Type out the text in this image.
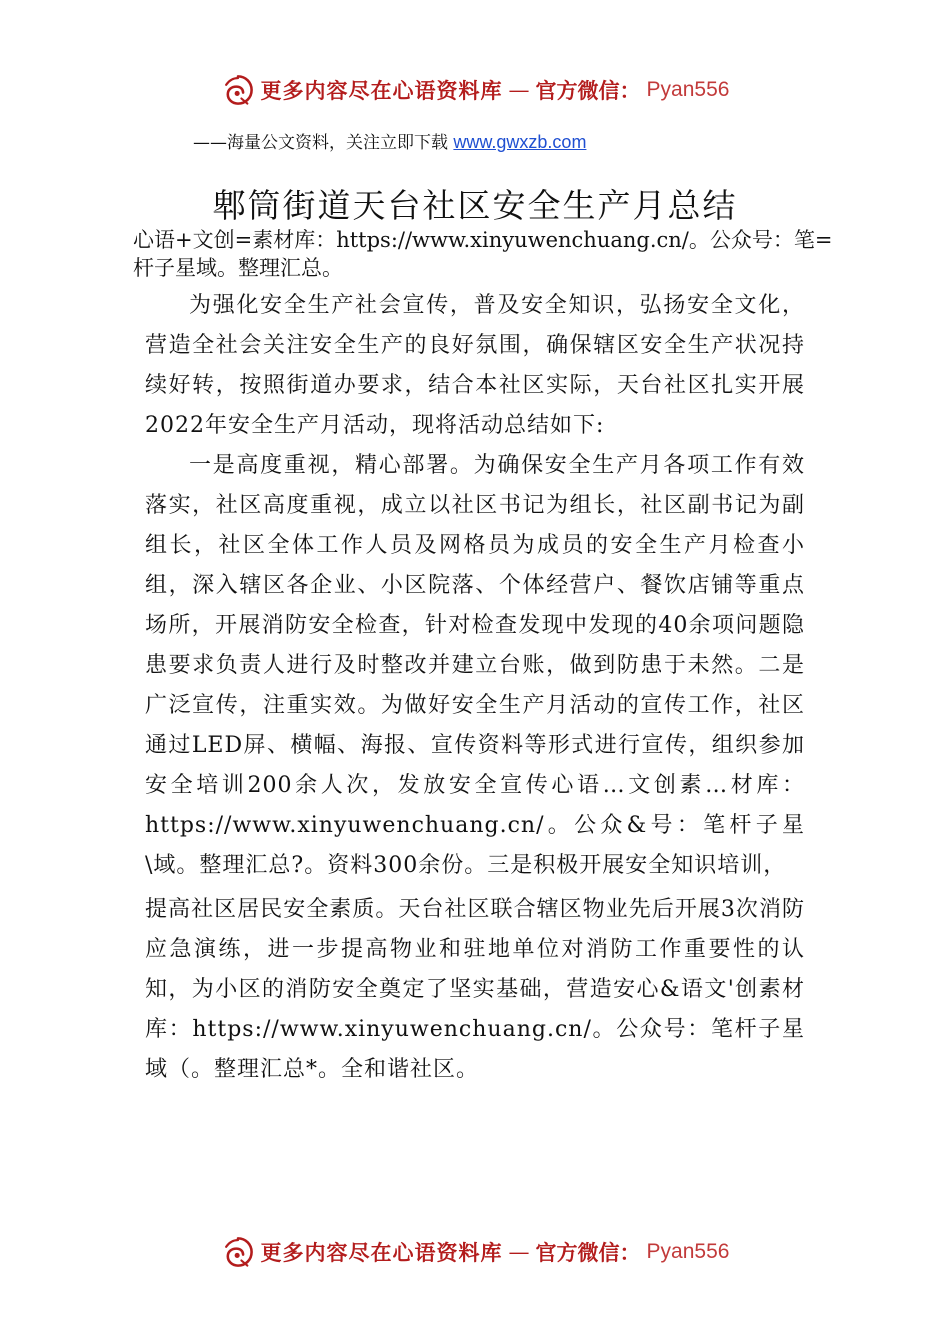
更多内容尽在心语资料库 — 官方微信： Pyan556
——海量公文资料，关注立即下载 www.gwxzb.com
郫筒街道天台社区安全生产月总结

心语+文创=素材库：https://www.xinyuwenchuang.cn/。公众号：笔=杆子星域。整理汇总。

为强化安全生产社会宣传，普及安全知识，弘扬安全文化，营造全社会关注安全生产的良好氛围，确保辖区安全生产状况持续好转，按照街道办要求，结合本社区实际，天台社区扎实开展2022年安全生产月活动，现将活动总结如下:

一是高度重视，精心部署。为确保安全生产月各项工作有效落实，社区高度重视，成立以社区书记为组长，社区副书记为副组长，社区全体工作人员及网格员为成员的安全生产月检查小组，深入辖区各企业、小区院落、个体经营户、餐饮店铺等重点场所，开展消防安全检查，针对检查发现中发现的40余项问题隐患要求负责人进行及时整改并建立台账，做到防患于未然。二是广泛宣传，注重实效。为做好安全生产月活动的宣传工作，社区通过LED屏、横幅、海报、宣传资料等形式进行宣传，组织参加安全培训200余人次，发放安全宣传心语…文创素…材库：https://www.xinyuwenchuang.cn/。公众&号：笔杆子星\域。整理汇总?。资料300余份。三是积极开展安全知识培训，

提高社区居民安全素质。天台社区联合辖区物业先后开展3次消防应急演练，进一步提高物业和驻地单位对消防工作重要性的认知，为小区的消防安全奠定了坚实基础，营造安心&语文'创素材库：https://www.xinyuwenchuang.cn/。公众号：笔杆子星域（。整理汇总*。全和谐社区。

更多内容尽在心语资料库 — 官方微信： Pyan556
